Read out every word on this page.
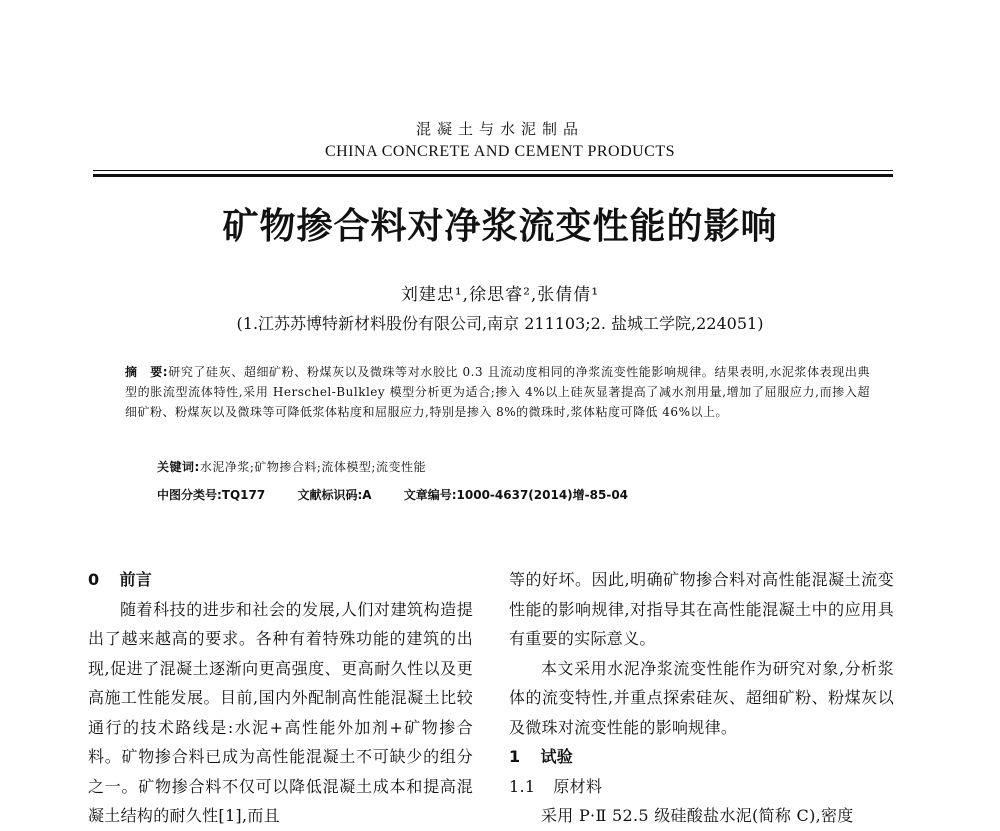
混凝土与水泥制品
CHINA CONCRETE AND CEMENT PRODUCTS
矿物掺合料对净浆流变性能的影响
刘建忠¹,徐思睿²,张倩倩¹
(1.江苏苏博特新材料股份有限公司,南京 211103;2. 盐城工学院,224051)
摘　要:研究了硅灰、超细矿粉、粉煤灰以及微珠等对水胶比 0.3 且流动度相同的净浆流变性能影响规律。结果表明,水泥浆体表现出典型的胀流型流体特性,采用 Herschel-Bulkley 模型分析更为适合;掺入 4%以上硅灰显著提高了减水剂用量,增加了屈服应力,而掺入超细矿粉、粉煤灰以及微珠等可降低浆体粘度和屈服应力,特别是掺入 8%的微珠时,浆体粘度可降低 46%以上。
关键词:水泥净浆;矿物掺合料;流体模型;流变性能
中图分类号:TQ177	文献标识码:A	文章编号:1000-4637(2014)增-85-04
0 前言

随着科技的进步和社会的发展,人们对建筑构造提出了越来越高的要求。各种有着特殊功能的建筑的出现,促进了混凝土逐渐向更高强度、更高耐久性以及更高施工性能发展。目前,国内外配制高性能混凝土比较通行的技术路线是:水泥+高性能外加剂+矿物掺合料。矿物掺合料已成为高性能混凝土不可缺少的组分之一。矿物掺合料不仅可以降低混凝土成本和提高混凝土结构的耐久性[1],而且

等的好坏。因此,明确矿物掺合料对高性能混凝土流变性能的影响规律,对指导其在高性能混凝土中的应用具有重要的实际意义。

本文采用水泥净浆流变性能作为研究对象,分析浆体的流变特性,并重点探索硅灰、超细矿粉、粉煤灰以及微珠对流变性能的影响规律。

1 试验
1.1 原材料

采用 P·Ⅱ 52.5 级硅酸盐水泥(简称 C),密度
